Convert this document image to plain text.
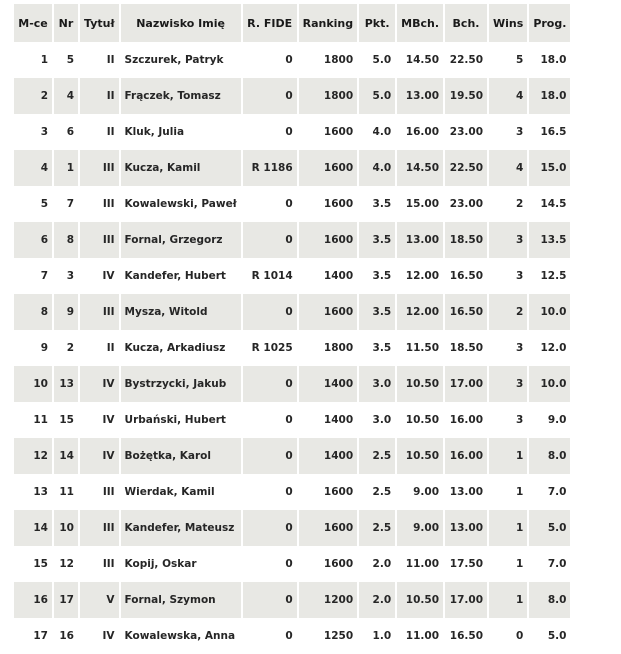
M-ce	Nr	Tytuł	Nazwisko Imię	R. FIDE	Ranking	Pkt.	MBch.	Bch.	Wins	Prog.
1	5	II	Szczurek, Patryk	0	1800	5.0	14.50	22.50	5	18.0
2	4	II	Frączek, Tomasz	0	1800	5.0	13.00	19.50	4	18.0
3	6	II	Kluk, Julia	0	1600	4.0	16.00	23.00	3	16.5
4	1	III	Kucza, Kamil	R 1186	1600	4.0	14.50	22.50	4	15.0
5	7	III	Kowalewski, Paweł	0	1600	3.5	15.00	23.00	2	14.5
6	8	III	Fornal, Grzegorz	0	1600	3.5	13.00	18.50	3	13.5
7	3	IV	Kandefer, Hubert	R 1014	1400	3.5	12.00	16.50	3	12.5
8	9	III	Mysza, Witold	0	1600	3.5	12.00	16.50	2	10.0
9	2	II	Kucza, Arkadiusz	R 1025	1800	3.5	11.50	18.50	3	12.0
10	13	IV	Bystrzycki, Jakub	0	1400	3.0	10.50	17.00	3	10.0
11	15	IV	Urbański, Hubert	0	1400	3.0	10.50	16.00	3	9.0
12	14	IV	Bożętka, Karol	0	1400	2.5	10.50	16.00	1	8.0
13	11	III	Wierdak, Kamil	0	1600	2.5	9.00	13.00	1	7.0
14	10	III	Kandefer, Mateusz	0	1600	2.5	9.00	13.00	1	5.0
15	12	III	Kopij, Oskar	0	1600	2.0	11.00	17.50	1	7.0
16	17	V	Fornal, Szymon	0	1200	2.0	10.50	17.00	1	8.0
17	16	IV	Kowalewska, Anna	0	1250	1.0	11.00	16.50	0	5.0
